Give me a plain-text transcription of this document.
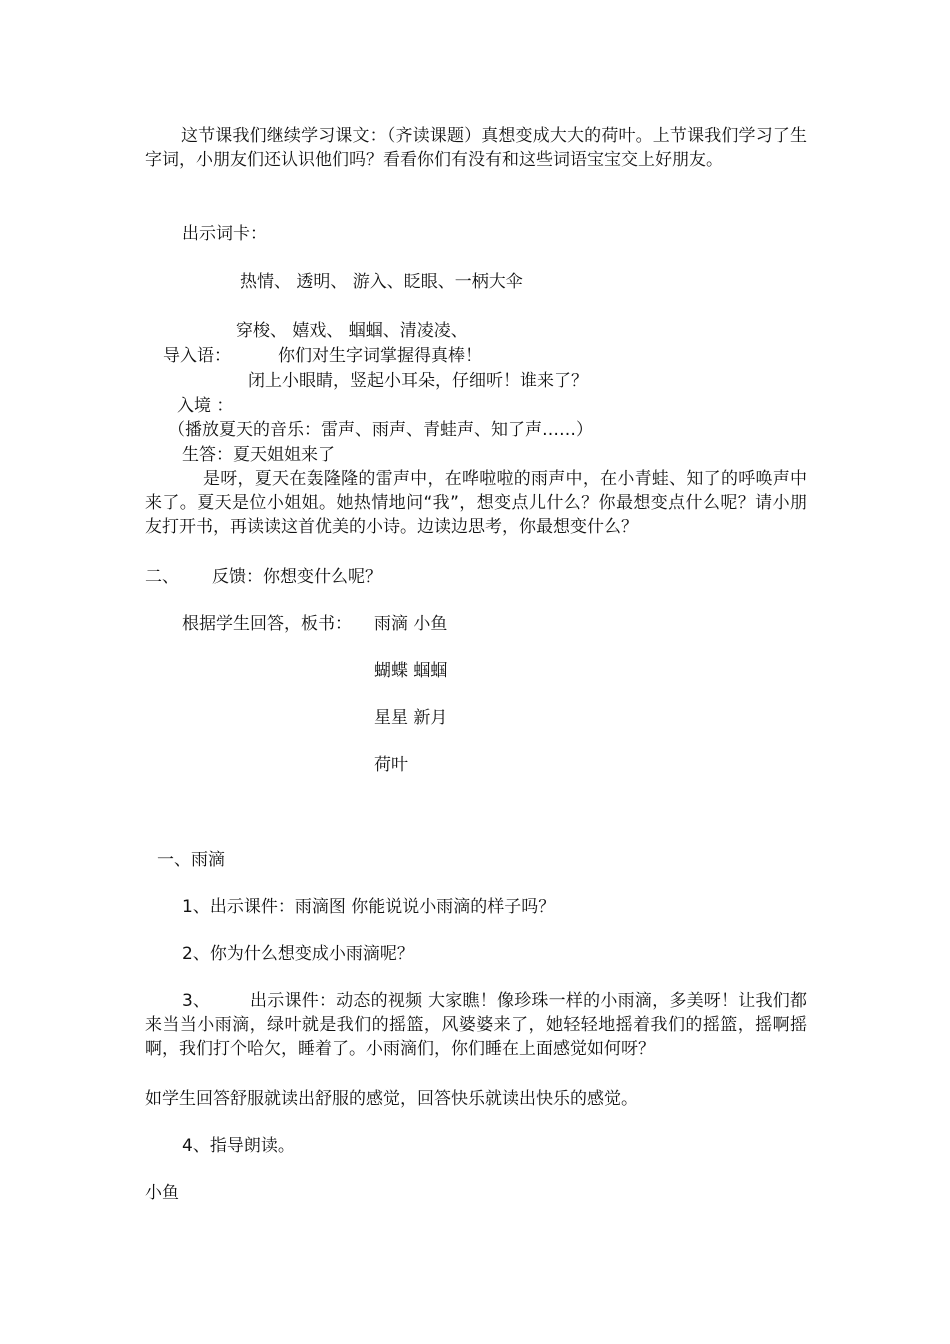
这节课我们继续学习课文：（齐读课题）真想变成大大的荷叶。上节课我们学习了生字词，小朋友们还认识他们吗？看看你们有没有和这些词语宝宝交上好朋友。
出示词卡：
热情、 透明、 游入、眨眼、一柄大伞
穿梭、 嬉戏、 蝈蝈、清凌凌、
导入语：	你们对生字词掌握得真棒！
闭上小眼睛，竖起小耳朵，仔细听！谁来了？
入境 ：
（播放夏天的音乐：雷声、雨声、青蛙声、知了声……）
生答：夏天姐姐来了
是呀，夏天在轰隆隆的雷声中，在哗啦啦的雨声中，在小青蛙、知了的呼唤声中来了。夏天是位小姐姐。她热情地问“我”，想变点儿什么？你最想变点什么呢？请小朋友打开书，再读读这首优美的小诗。边读边思考，你最想变什么？
二、 反馈：你想变什么呢？
根据学生回答，板书： 雨滴 小鱼
蝴蝶 蝈蝈
星星 新月
荷叶
一、雨滴
1、出示课件：雨滴图 你能说说小雨滴的样子吗？
2、你为什么想变成小雨滴呢？
3、	出示课件：动态的视频 大家瞧！像珍珠一样的小雨滴，多美呀！让我们都来当当小雨滴，绿叶就是我们的摇篮，风婆婆来了，她轻轻地摇着我们的摇篮，摇啊摇啊，我们打个哈欠，睡着了。小雨滴们，你们睡在上面感觉如何呀？
如学生回答舒服就读出舒服的感觉，回答快乐就读出快乐的感觉。
4、指导朗读。
小鱼
